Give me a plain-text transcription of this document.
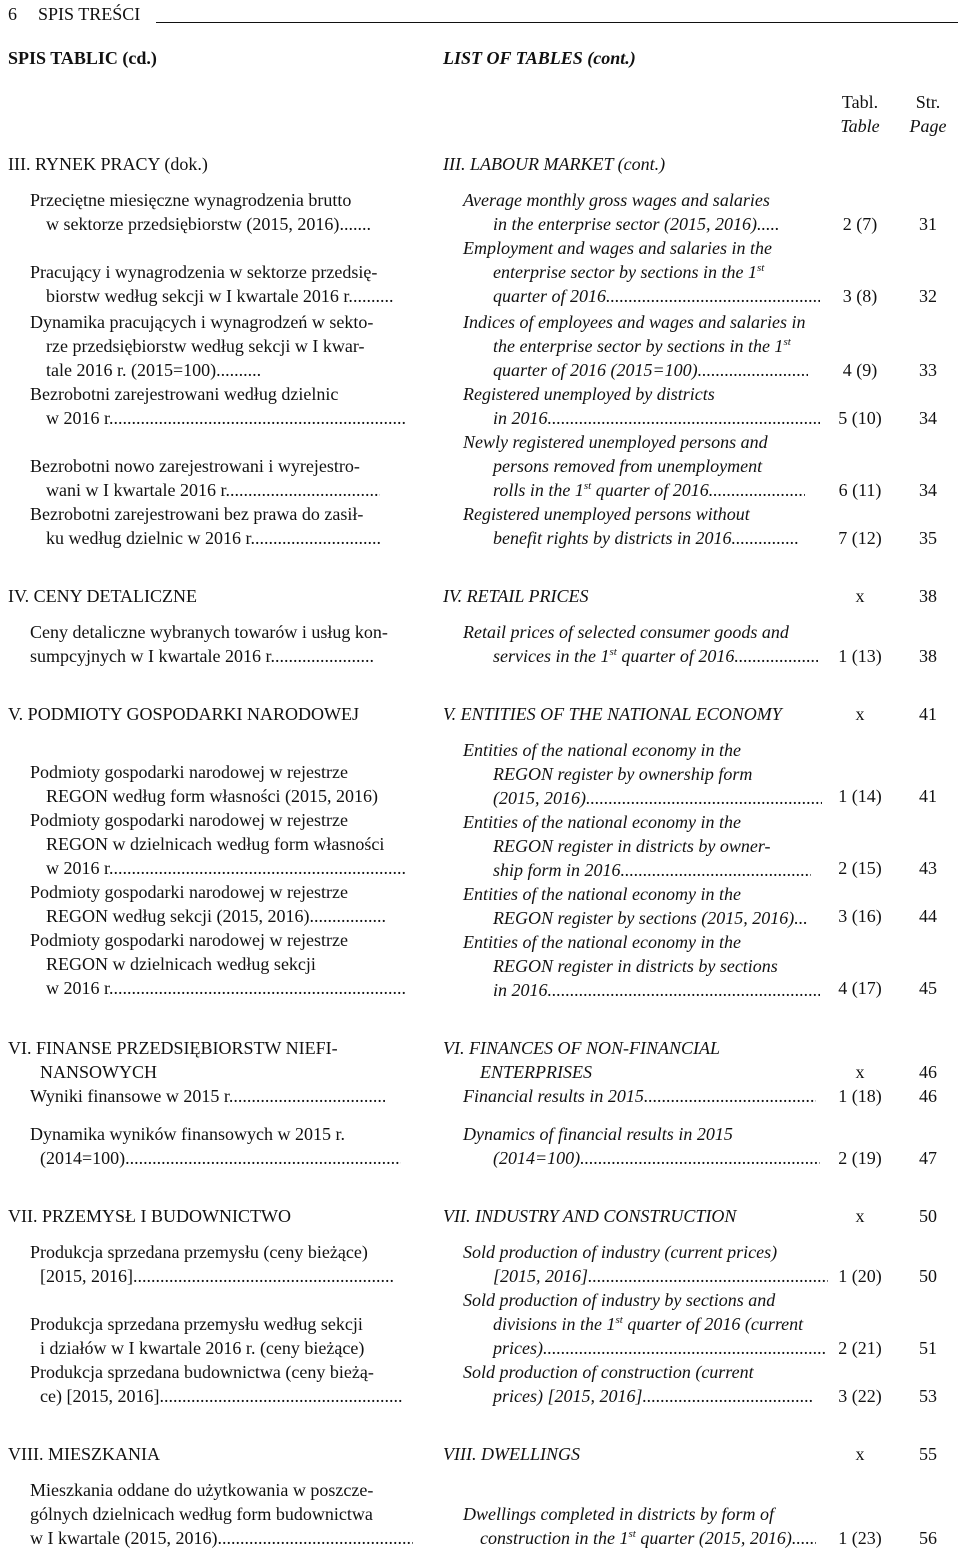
6 SPIS TREŚCI
SPIS TABLIC (cd.)	LIST OF TABLES (cont.)
Tabl.
Table
Str.
Page
III. RYNEK PRACY (dok.)	III. LABOUR MARKET (cont.)
Przeciętne miesięczne wynagrodzenia brutto
w sektorze przedsiębiorstw (2015, 2016).....
Average monthly gross wages and salaries
in the enterprise sector (2015, 2016) .....	2 (7)	31
Pracujący i wynagrodzenia w sektorze przedsię-
biorstw według sekcji w I kwartale 2016 r......
Employment and wages and salaries in the
enterprise sector by sections in the 1st
quarter of 2016 .....	3 (8)	32
Dynamika pracujących i wynagrodzeń w sekto-
rze przedsiębiorstw według sekcji w I kwar-
tale 2016 r. (2015=100).....
Indices of employees and wages and salaries in
the enterprise sector by sections in the 1st
quarter of 2016 (2015=100) .....	4 (9)	33
Bezrobotni zarejestrowani według dzielnic
w 2016 r......
Registered unemployed by districts
in 2016 .....	5 (10)	34
Bezrobotni nowo zarejestrowani i wyrejestro-
wani w I kwartale 2016 r......
Newly registered unemployed persons and
persons removed from unemployment
rolls in the 1st quarter of 2016 .....	6 (11)	34
Bezrobotni zarejestrowani bez prawa do zasił-
ku według dzielnic w 2016 r......
Registered unemployed persons without
benefit rights by districts in 2016 .....	7 (12)	35
IV. CENY DETALICZNE	IV. RETAIL PRICES	x	38
Ceny detaliczne wybranych towarów i usług kon-
sumpcyjnych w I kwartale 2016 r......
Retail prices of selected consumer goods and
services in the 1st quarter of 2016 .....	1 (13)	38
V. PODMIOTY GOSPODARKI NARODOWEJ	V. ENTITIES OF THE NATIONAL ECONOMY	x	41
Podmioty gospodarki narodowej w rejestrze
REGON według form własności (2015, 2016)
Entities of the national economy in the
REGON register by ownership form
(2015, 2016) .....	1 (14)	41
Podmioty gospodarki narodowej w rejestrze
REGON w dzielnicach według form własności
w 2016 r......
Entities of the national economy in the
REGON register in districts by owner-
ship form in 2016 .....	2 (15)	43
Podmioty gospodarki narodowej w rejestrze
REGON według sekcji (2015, 2016).....
Entities of the national economy in the
REGON register by sections (2015, 2016) .....	3 (16)	44
Podmioty gospodarki narodowej w rejestrze
REGON w dzielnicach według sekcji
w 2016 r......
Entities of the national economy in the
REGON register in districts by sections
in 2016 .....	4 (17)	45
VI. FINANSE PRZEDSIĘBIORSTW NIEFI-
NANSOWYCH
VI. FINANCES OF NON-FINANCIAL
ENTERPRISES	x	46
Wyniki finansowe w 2015 r. .....	Financial results in 2015 .....	1 (18)	46
Dynamika wyników finansowych w 2015 r.
(2014=100).....
Dynamics of financial results in 2015
(2014=100) .....	2 (19)	47
VII. PRZEMYSŁ I BUDOWNICTWO	VII. INDUSTRY AND CONSTRUCTION	x	50
Produkcja sprzedana przemysłu (ceny bieżące)
[2015, 2016].....
Sold production of industry (current prices)
[2015, 2016] .....	1 (20)	50
Produkcja sprzedana przemysłu według sekcji
i działów w I kwartale 2016 r. (ceny bieżące)
Sold production of industry by sections and
divisions in the 1st quarter of 2016 (current
prices) .....	2 (21)	51
Produkcja sprzedana budownictwa (ceny bieżą-
ce) [2015, 2016].....
Sold production of construction (current
prices) [2015, 2016] .....	3 (22)	53
VIII. MIESZKANIA	VIII. DWELLINGS	x	55
Mieszkania oddane do użytkowania w poszcze-
gólnych dzielnicach według form budownictwa
w I kwartale (2015, 2016).....
Dwellings completed in districts by form of
construction in the 1st quarter (2015, 2016) .....	1 (23)	56
